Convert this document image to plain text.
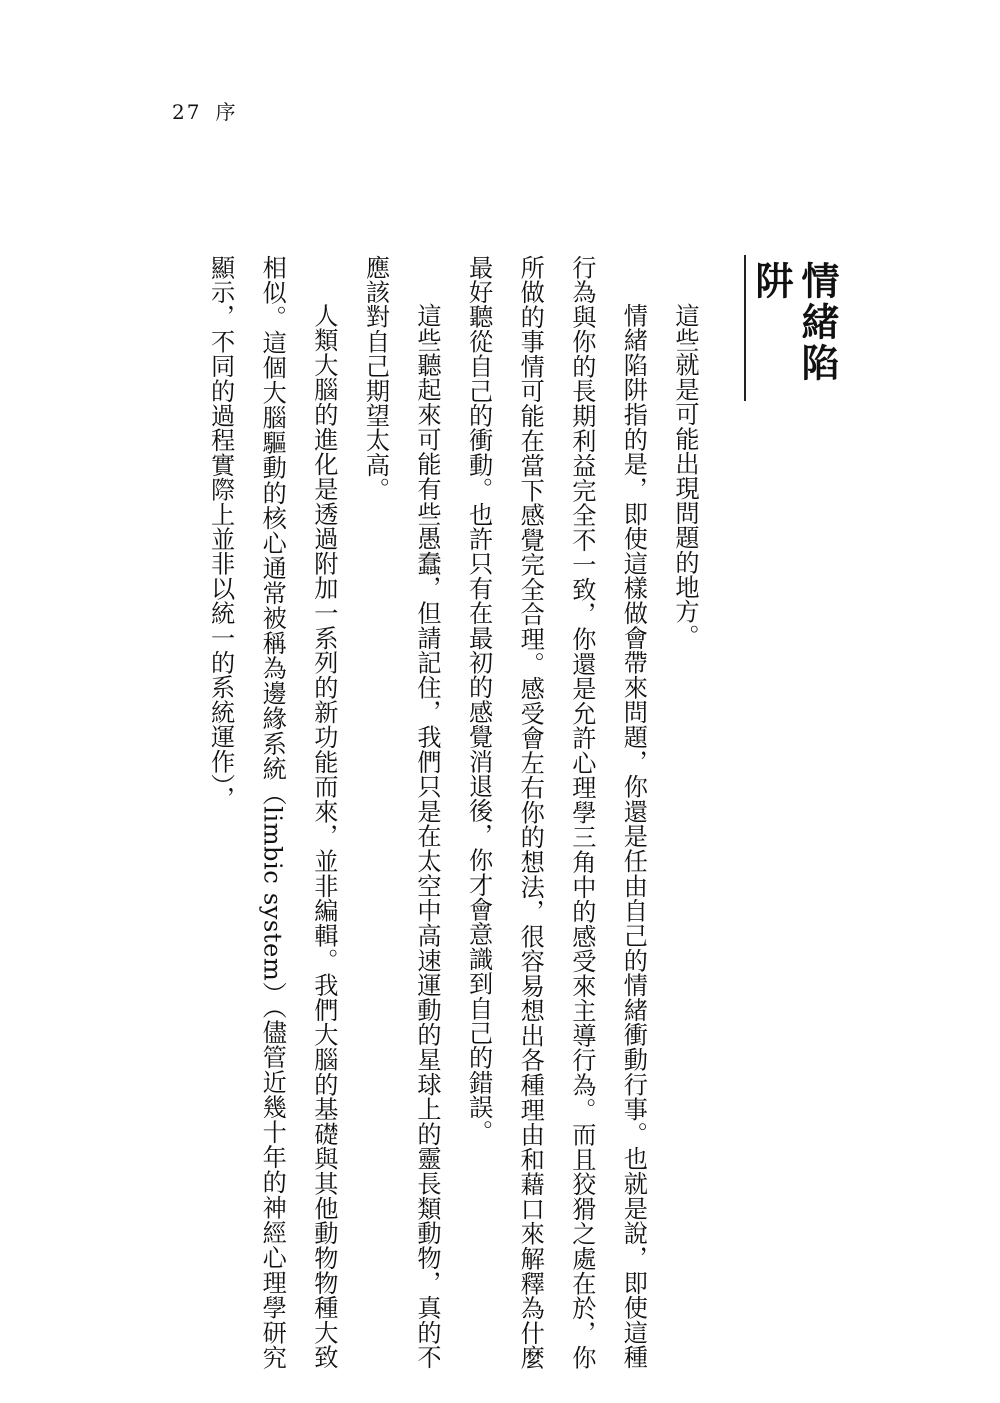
27 序
情緒陷阱

這些就是可能出現問題的地方。

情緒陷阱指的是，即使這樣做會帶來問題，你還是任由自己的情緒衝動行事。也就是說，即使這種行為與你的長期利益完全不一致，你還是允許心理學三角中的感受來主導行為。而且狡猾之處在於，你所做的事情可能在當下感覺完全合理。感受會左右你的想法，很容易想出各種理由和藉口來解釋為什麼最好聽從自己的衝動。也許只有在最初的感覺消退後，你才會意識到自己的錯誤。

這些聽起來可能有些愚蠢，但請記住，我們只是在太空中高速運動的星球上的靈長類動物，真的不應該對自己期望太高。

人類大腦的進化是透過附加一系列的新功能而來，並非編輯。我們大腦的基礎與其他動物物種大致相似。這個大腦驅動的核心通常被稱為邊緣系統（limbic system）（儘管近幾十年的神經心理學研究顯示，不同的過程實際上並非以統一的系統運作），
